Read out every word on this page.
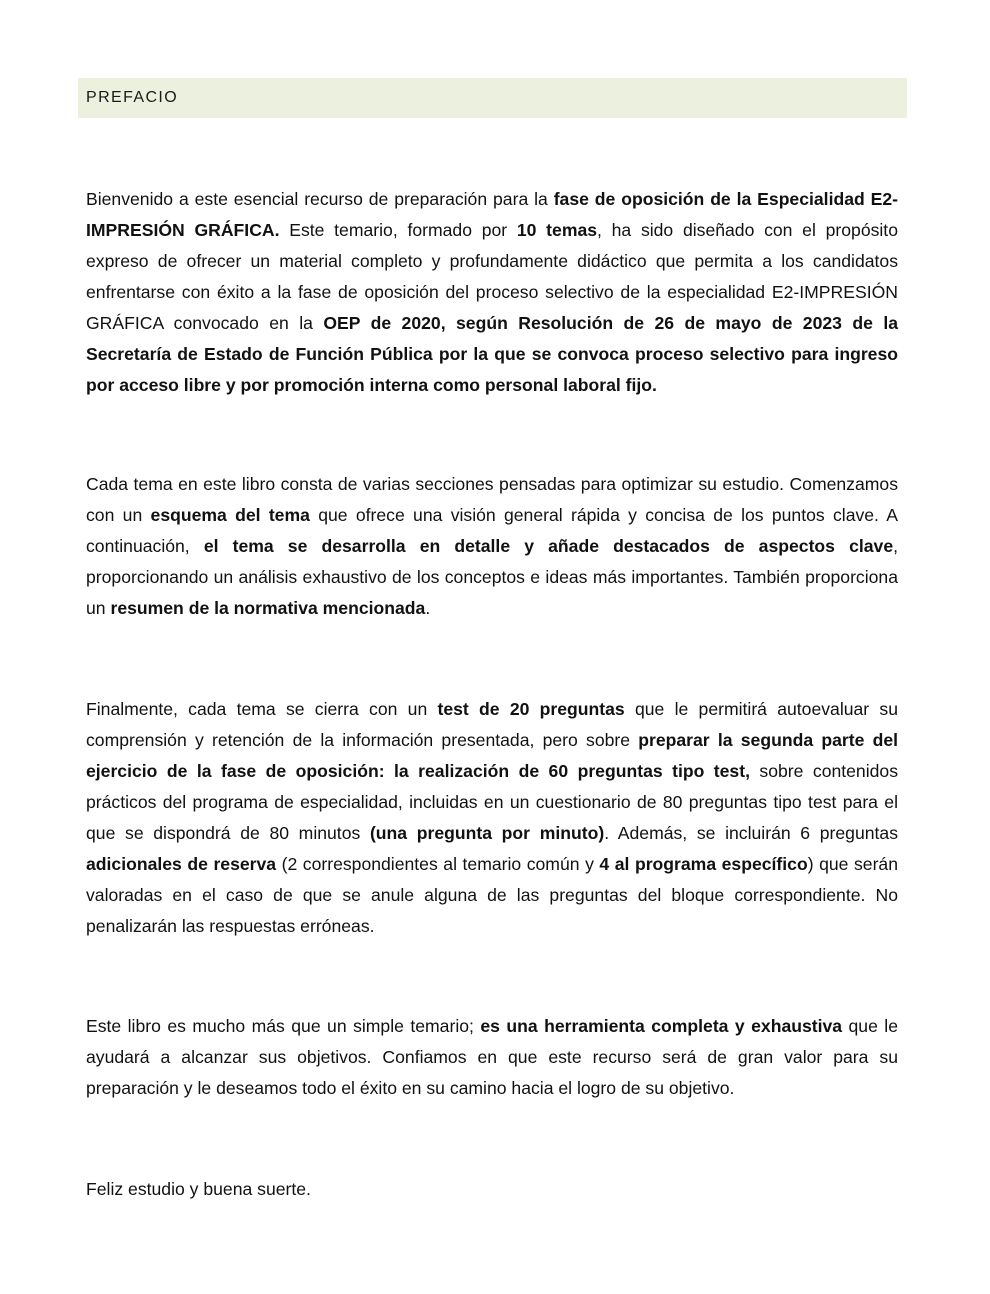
PREFACIO

Bienvenido a este esencial recurso de preparación para la fase de oposición de la Especialidad E2-IMPRESIÓN GRÁFICA. Este temario, formado por 10 temas, ha sido diseñado con el propósito expreso de ofrecer un material completo y profundamente didáctico que permita a los candidatos enfrentarse con éxito a la fase de oposición del proceso selectivo de la especialidad E2-IMPRESIÓN GRÁFICA convocado en la OEP de 2020, según Resolución de 26 de mayo de 2023 de la Secretaría de Estado de Función Pública por la que se convoca proceso selectivo para ingreso por acceso libre y por promoción interna como personal laboral fijo.

Cada tema en este libro consta de varias secciones pensadas para optimizar su estudio. Comenzamos con un esquema del tema que ofrece una visión general rápida y concisa de los puntos clave. A continuación, el tema se desarrolla en detalle y añade destacados de aspectos clave, proporcionando un análisis exhaustivo de los conceptos e ideas más importantes. También proporciona un resumen de la normativa mencionada.

Finalmente, cada tema se cierra con un test de 20 preguntas que le permitirá autoevaluar su comprensión y retención de la información presentada, pero sobre preparar la segunda parte del ejercicio de la fase de oposición: la realización de 60 preguntas tipo test, sobre contenidos prácticos del programa de especialidad, incluidas en un cuestionario de 80 preguntas tipo test para el que se dispondrá de 80 minutos (una pregunta por minuto). Además, se incluirán 6 preguntas adicionales de reserva (2 correspondientes al temario común y 4 al programa específico) que serán valoradas en el caso de que se anule alguna de las preguntas del bloque correspondiente. No penalizarán las respuestas erróneas.

Este libro es mucho más que un simple temario; es una herramienta completa y exhaustiva que le ayudará a alcanzar sus objetivos. Confiamos en que este recurso será de gran valor para su preparación y le deseamos todo el éxito en su camino hacia el logro de su objetivo.

Feliz estudio y buena suerte.
